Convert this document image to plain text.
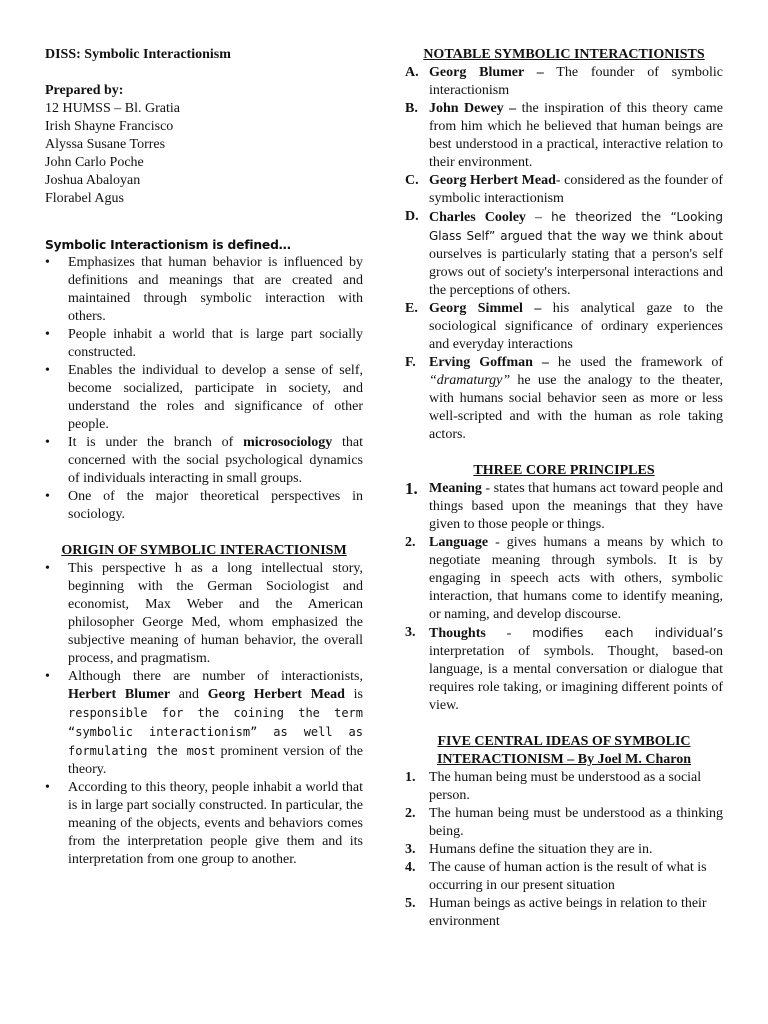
DISS: Symbolic Interactionism

Prepared by:

12 HUMSS – Bl. Gratia

Irish Shayne Francisco

Alyssa Susane Torres

John Carlo Poche

Joshua Abaloyan

Florabel Agus

Symbolic Interactionism is defined…

• Emphasizes that human behavior is influenced by definitions and meanings that are created and maintained through symbolic interaction with others.
• People inhabit a world that is large part socially constructed.
• Enables the individual to develop a sense of self, become socialized, participate in society, and understand the roles and significance of other people.
• It is under the branch of microsociology that concerned with the social psychological dynamics of individuals interacting in small groups.
• One of the major theoretical perspectives in sociology.

ORIGIN OF SYMBOLIC INTERACTIONISM

• This perspective h as a long intellectual story, beginning with the German Sociologist and economist, Max Weber and the American philosopher George Med, whom emphasized the subjective meaning of human behavior, the overall process, and pragmatism.
• Although there are number of interactionists, Herbert Blumer and Georg Herbert Mead is responsible for the coining the term “symbolic interactionism” as well as formulating the most prominent version of the theory.
• According to this theory, people inhabit a world that is in large part socially constructed. In particular, the meaning of the objects, events and behaviors comes from the interpretation people give them and its interpretation from one group to another.

NOTABLE SYMBOLIC INTERACTIONISTS

A. Georg Blumer – The founder of symbolic interactionism
B. John Dewey – the inspiration of this theory came from him which he believed that human beings are best understood in a practical, interactive relation to their environment.
C. Georg Herbert Mead- considered as the founder of symbolic interactionism
D. Charles Cooley – he theorized the “Looking Glass Self” argued that the way we think about ourselves is particularly stating that a person's self grows out of society's interpersonal interactions and the perceptions of others.
E. Georg Simmel – his analytical gaze to the sociological significance of ordinary experiences and everyday interactions
F. Erving Goffman – he used the framework of “dramaturgy” he use the analogy to the theater, with humans social behavior seen as more or less well-scripted and with the human as role taking actors.

THREE CORE PRINCIPLES

1. Meaning - states that humans act toward people and things based upon the meanings that they have given to those people or things.
2. Language - gives humans a means by which to negotiate meaning through symbols. It is by engaging in speech acts with others, symbolic interaction, that humans come to identify meaning, or naming, and develop discourse.
3. Thoughts - modifies each individual’s interpretation of symbols. Thought, based-on language, is a mental conversation or dialogue that requires role taking, or imagining different points of view.

FIVE CENTRAL IDEAS OF SYMBOLIC

INTERACTIONISM – By Joel M. Charon

1. The human being must be understood as a social person.
2. The human being must be understood as a thinking being.
3. Humans define the situation they are in.
4. The cause of human action is the result of what is occurring in our present situation
5. Human beings as active beings in relation to their environment
